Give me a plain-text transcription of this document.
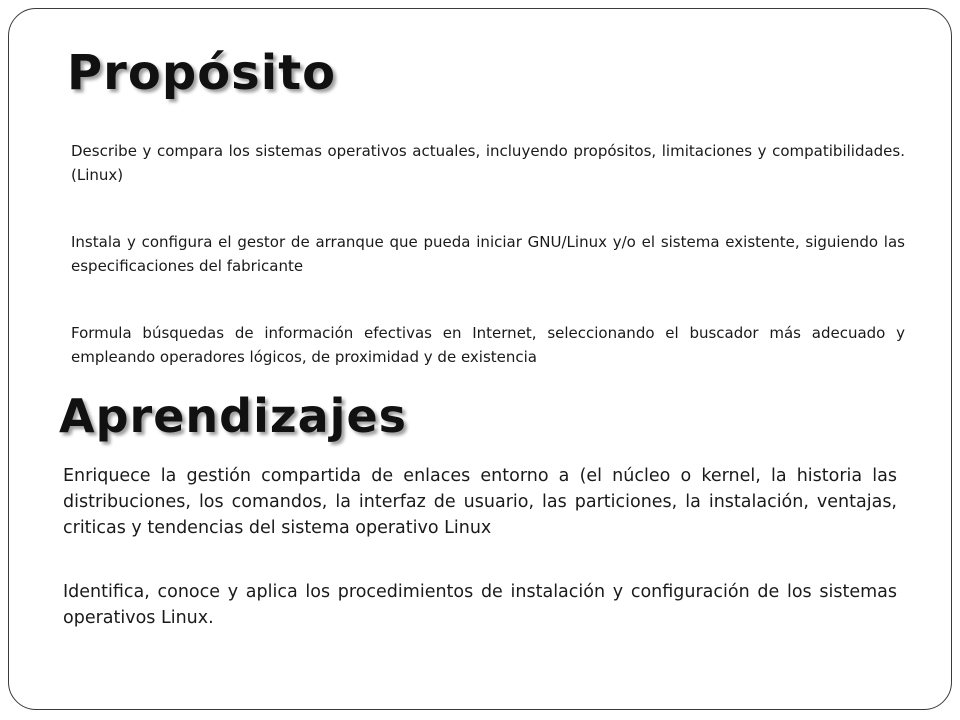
Propósito

Describe y compara los sistemas operativos actuales, incluyendo propósitos, limitaciones y compatibilidades. (Linux)

Instala y configura el gestor de arranque que pueda iniciar GNU/Linux y/o el sistema existente, siguiendo las especificaciones del fabricante

Formula búsquedas de información efectivas en Internet, seleccionando el buscador más adecuado y empleando operadores lógicos, de proximidad y de existencia

Aprendizajes

Enriquece la gestión compartida de enlaces entorno a (el núcleo o kernel, la historia las distribuciones, los comandos, la interfaz de usuario, las particiones, la instalación, ventajas, criticas y tendencias del sistema operativo Linux

Identifica, conoce y aplica los procedimientos de instalación y configuración de los sistemas operativos Linux.
